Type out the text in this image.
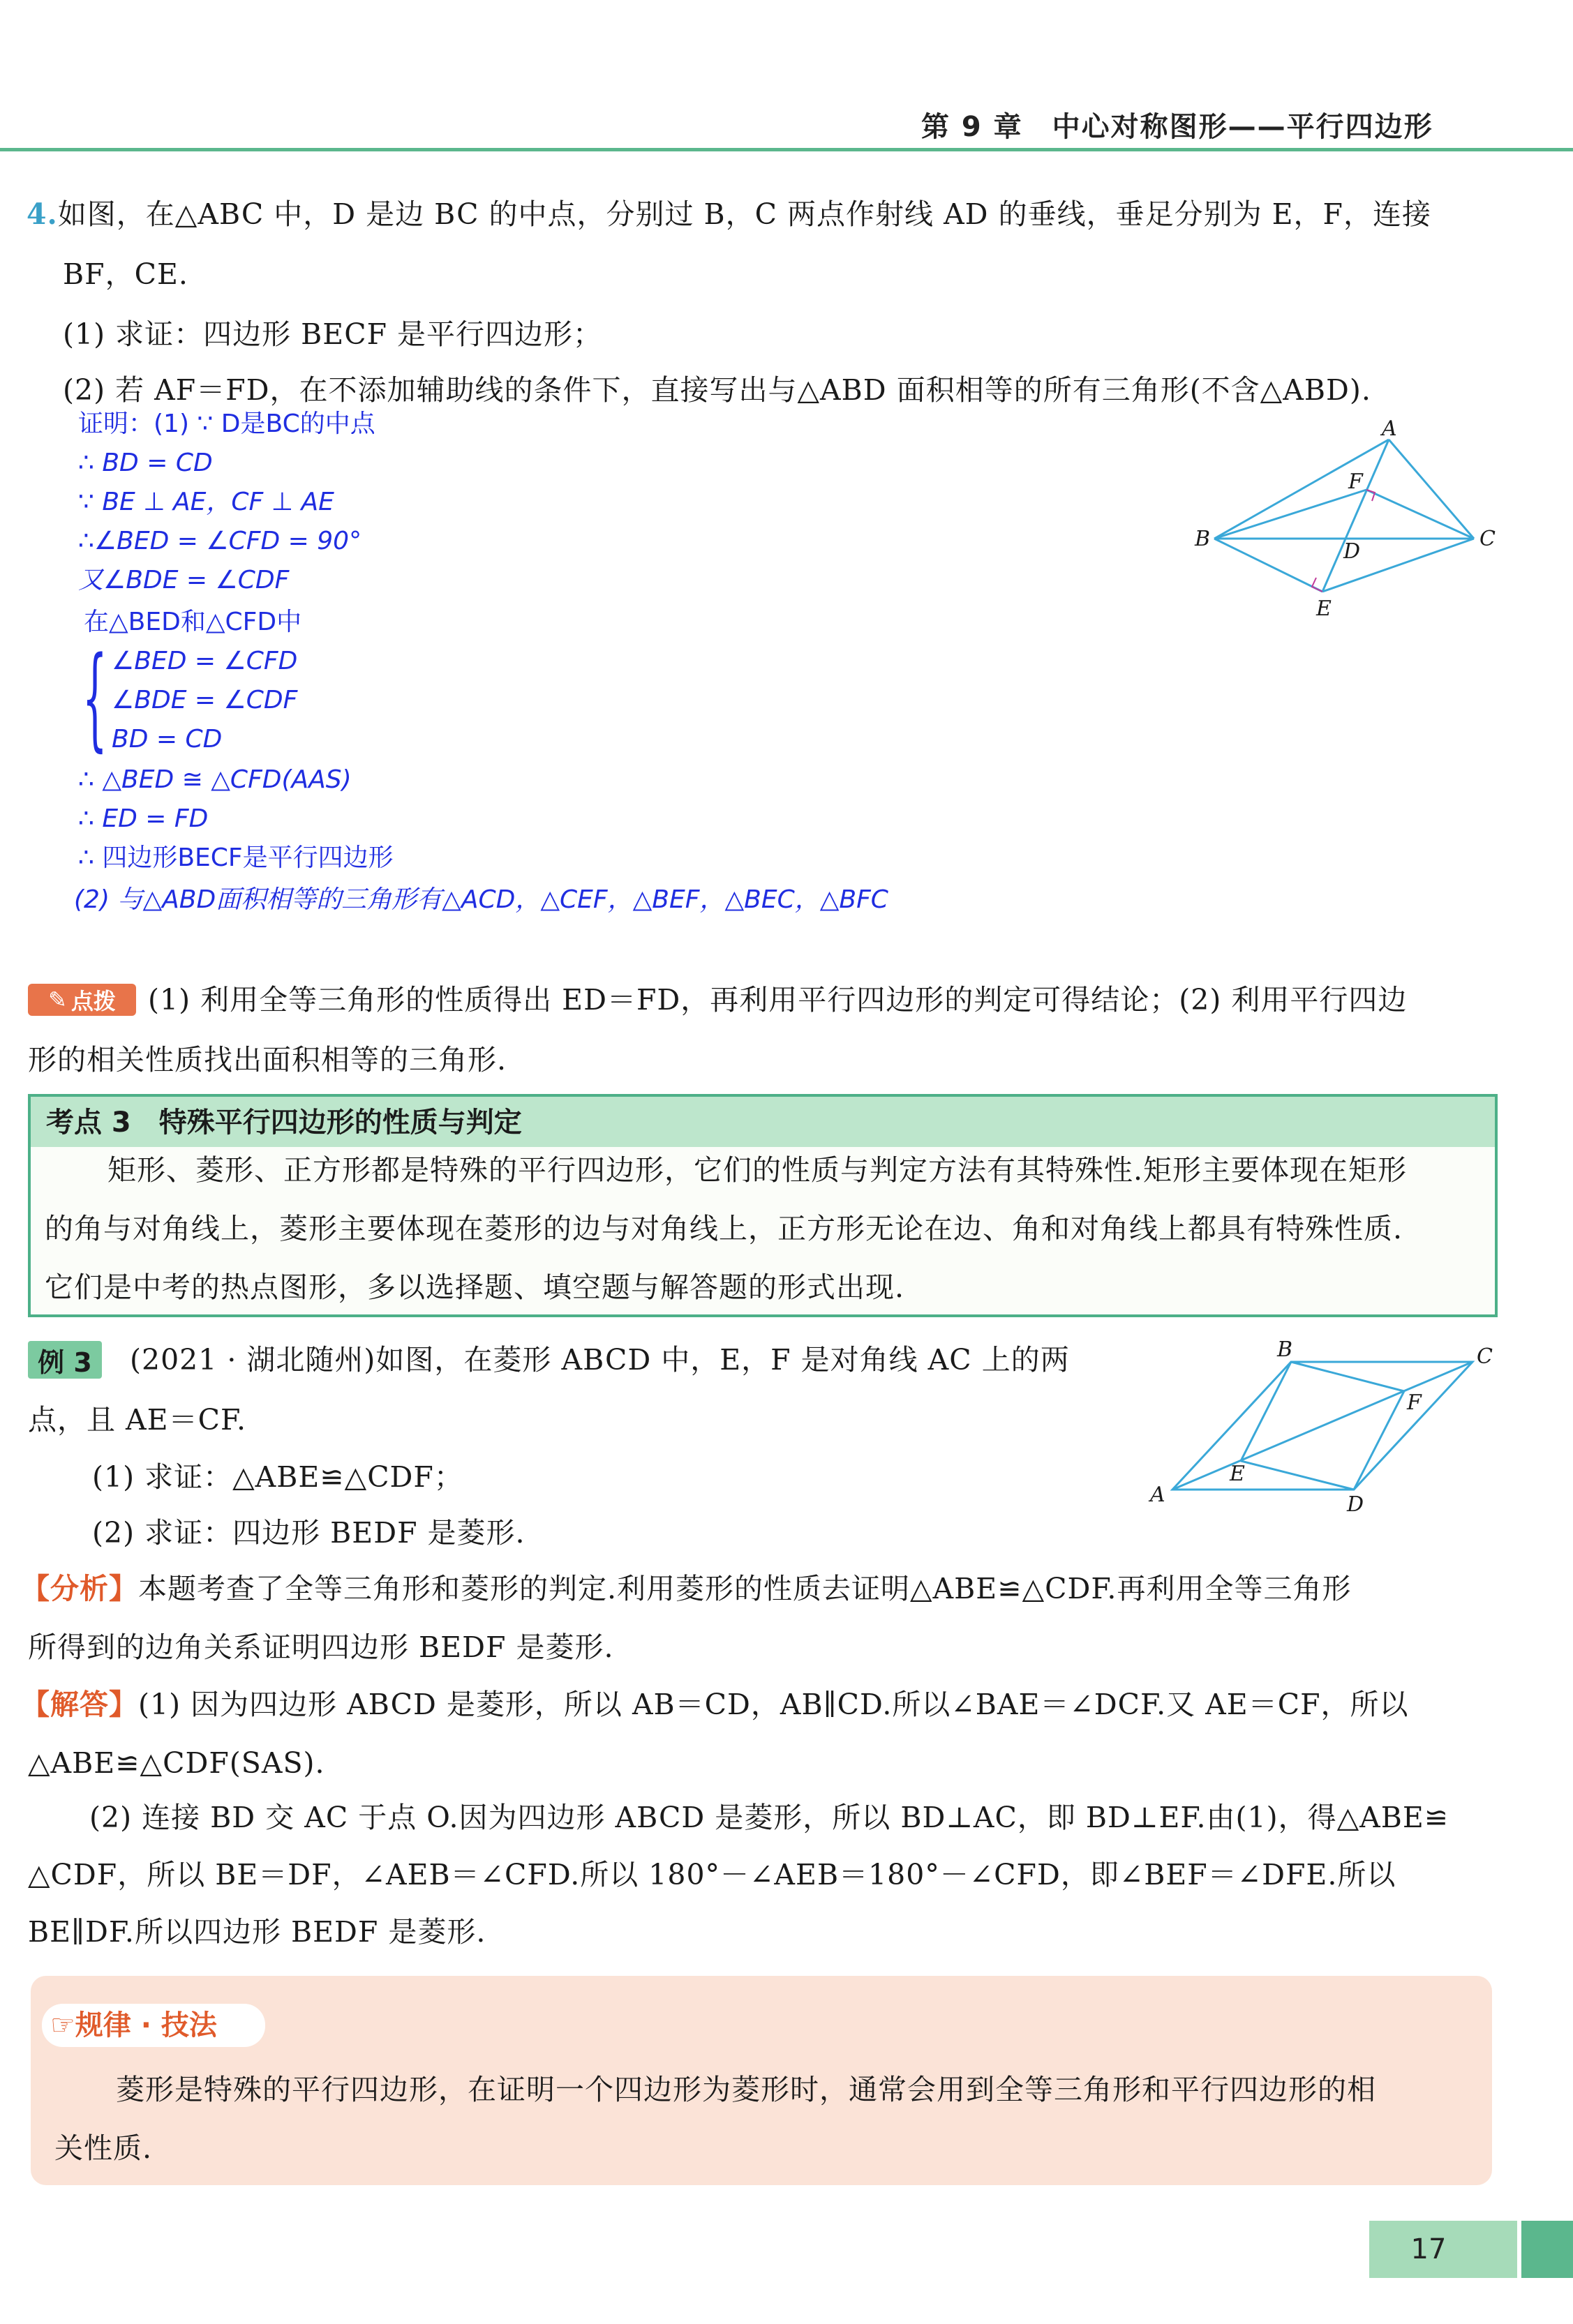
第 9 章　中心对称图形——平行四边形
4.如图，在△ABC 中，D 是边 BC 的中点，分别过 B，C 两点作射线 AD 的垂线，垂足分别为 E，F，连接
BF，CE.
(1) 求证：四边形 BECF 是平行四边形；
(2) 若 AF＝FD，在不添加辅助线的条件下，直接写出与△ABD 面积相等的所有三角形(不含△ABD).
A
B	C
D
E
F
证明：(1) ∵ D是BC的中点
∴ BD = CD
∵ BE ⊥ AE，CF ⊥ AE
∴∠BED = ∠CFD = 90°
又∠BDE = ∠CDF
在△BED和△CFD中
{ ∠BED = ∠CFD
∠BDE = ∠CDF
BD = CD
∴ △BED ≅ △CFD(AAS)
∴ ED = FD
∴ 四边形BECF是平行四边形
(2) 与△ABD面积相等的三角形有△ACD，△CEF，△BEF，△BEC，△BFC
✎ 点拨 (1) 利用全等三角形的性质得出 ED＝FD，再利用平行四边形的判定可得结论；(2) 利用平行四边
形的相关性质找出面积相等的三角形.
考点 3　特殊平行四边形的性质与判定
矩形、菱形、正方形都是特殊的平行四边形，它们的性质与判定方法有其特殊性.矩形主要体现在矩形
的角与对角线上，菱形主要体现在菱形的边与对角线上，正方形无论在边、角和对角线上都具有特殊性质.
它们是中考的热点图形，多以选择题、填空题与解答题的形式出现.
例 3	(2021 · 湖北随州)如图，在菱形 ABCD 中，E，F 是对角线 AC 上的两
点，且 AE＝CF.
(1) 求证：△ABE≌△CDF；
(2) 求证：四边形 BEDF 是菱形.
A
B	C
D
E
F
【分析】本题考查了全等三角形和菱形的判定.利用菱形的性质去证明△ABE≌△CDF.再利用全等三角形
所得到的边角关系证明四边形 BEDF 是菱形.
【解答】(1) 因为四边形 ABCD 是菱形，所以 AB＝CD，AB∥CD.所以∠BAE＝∠DCF.又 AE＝CF，所以
△ABE≌△CDF(SAS).
(2) 连接 BD 交 AC 于点 O.因为四边形 ABCD 是菱形，所以 BD⊥AC，即 BD⊥EF.由(1)，得△ABE≌
△CDF，所以 BE＝DF，∠AEB＝∠CFD.所以 180°－∠AEB＝180°－∠CFD，即∠BEF＝∠DFE.所以
BE∥DF.所以四边形 BEDF 是菱形.
☞规律 · 技法
菱形是特殊的平行四边形，在证明一个四边形为菱形时，通常会用到全等三角形和平行四边形的相
关性质.
17
